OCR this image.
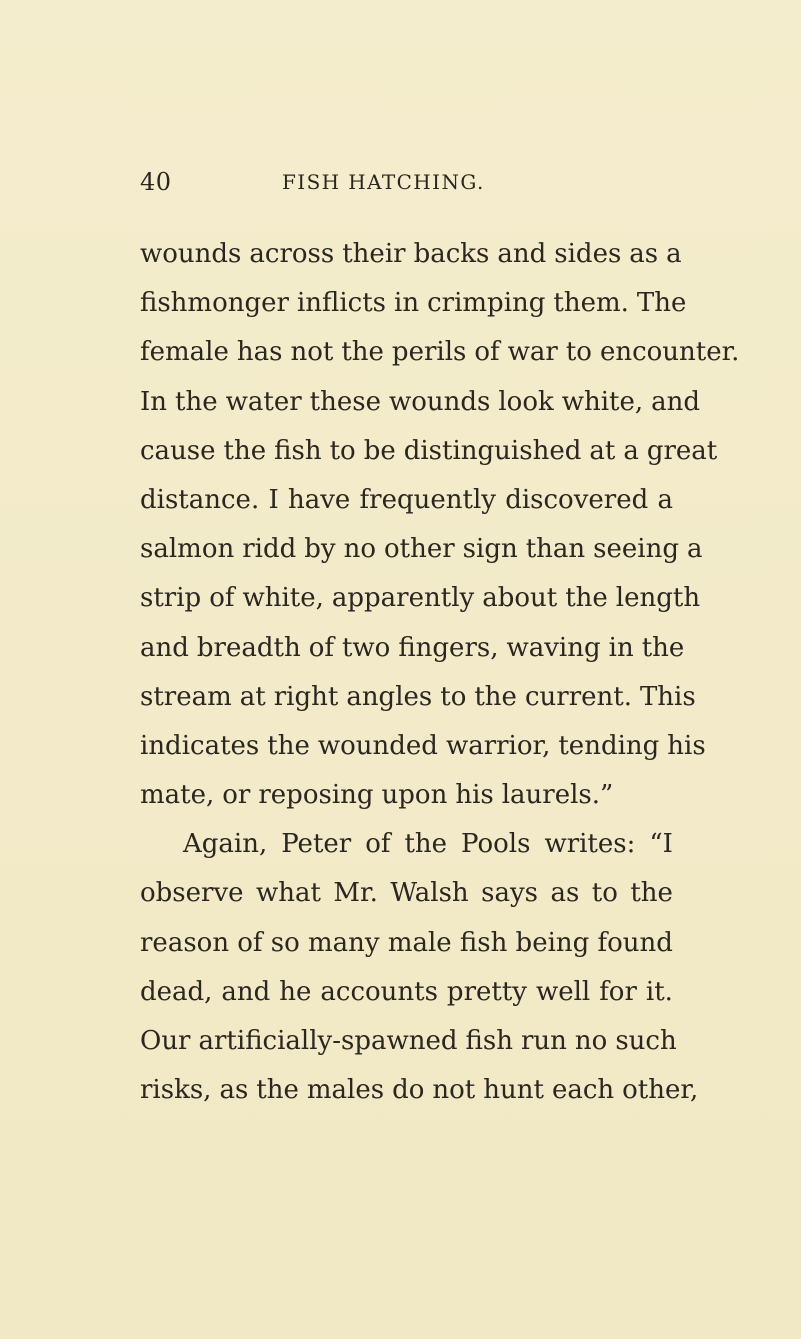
40	FISH HATCHING.
wounds across their backs and sides as a
fishmonger inflicts in crimping them. The
female has not the perils of war to encounter.
In the water these wounds look white, and
cause the fish to be distinguished at a great
distance. I have frequently discovered a
salmon ridd by no other sign than seeing a
strip of white, apparently about the length
and breadth of two fingers, waving in the
stream at right angles to the current. This
indicates the wounded warrior, tending his
mate, or reposing upon his laurels.”
Again, Peter of the Pools writes: “I
observe what Mr. Walsh says as to the
reason of so many male fish being found
dead, and he accounts pretty well for it.
Our artificially-spawned fish run no such
risks, as the males do not hunt each other,
